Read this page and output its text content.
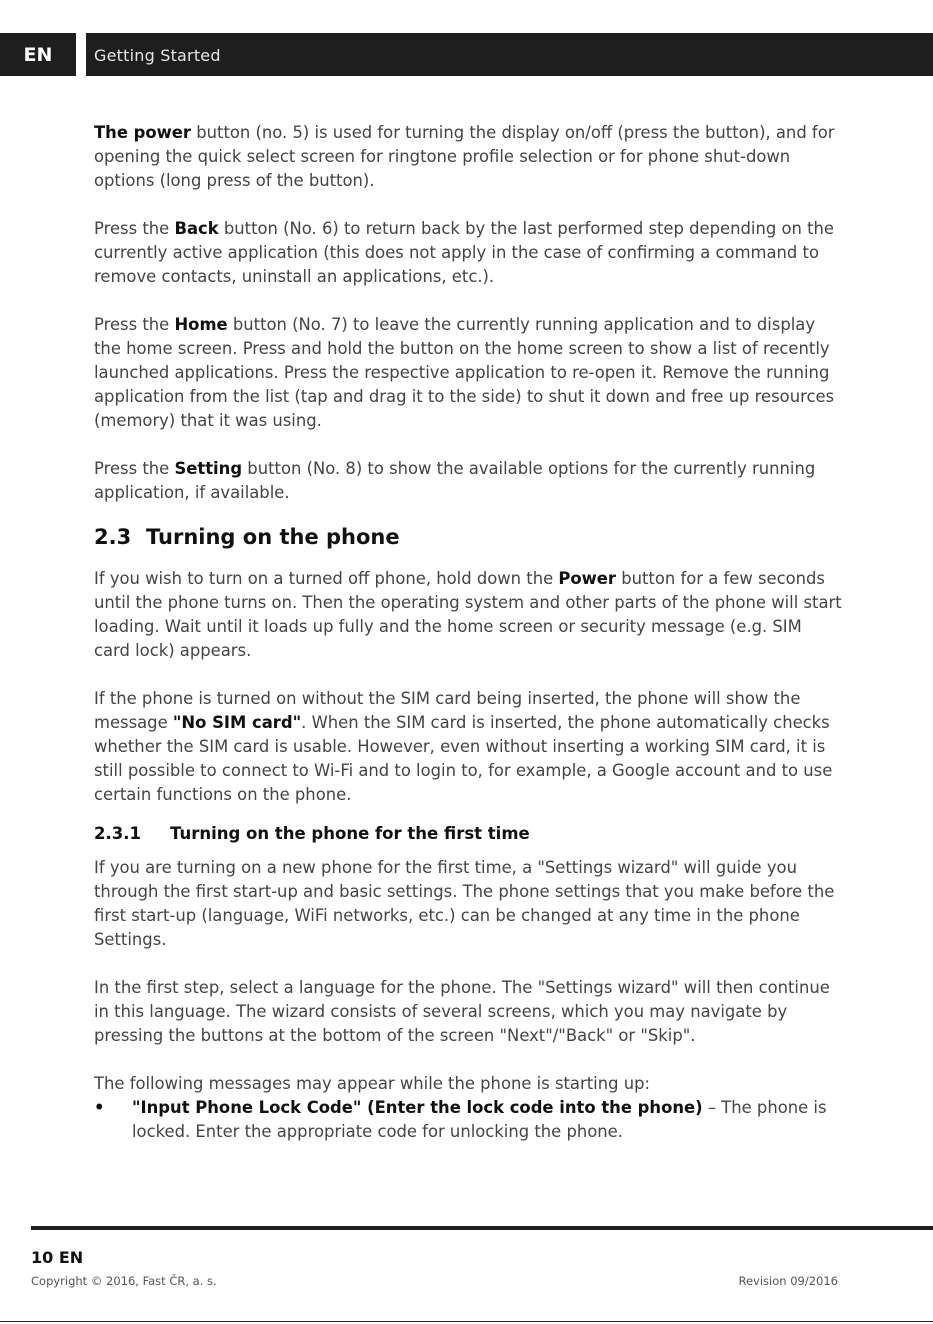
EN	Getting Started

The power button (no. 5) is used for turning the display on/off (press the button), and for opening the quick select screen for ringtone profile selection or for phone shut-down options (long press of the button).

Press the Back button (No. 6) to return back by the last performed step depending on the currently active application (this does not apply in the case of confirming a command to remove contacts, uninstall an applications, etc.).

Press the Home button (No. 7) to leave the currently running application and to display the home screen. Press and hold the button on the home screen to show a list of recently launched applications. Press the respective application to re-open it. Remove the running application from the list (tap and drag it to the side) to shut it down and free up resources (memory) that it was using.

Press the Setting button (No. 8) to show the available options for the currently running application, if available.

2.3 Turning on the phone

If you wish to turn on a turned off phone, hold down the Power button for a few seconds until the phone turns on. Then the operating system and other parts of the phone will start loading. Wait until it loads up fully and the home screen or security message (e.g. SIM card lock) appears.

If the phone is turned on without the SIM card being inserted, the phone will show the message "No SIM card". When the SIM card is inserted, the phone automatically checks whether the SIM card is usable. However, even without inserting a working SIM card, it is still possible to connect to Wi-Fi and to login to, for example, a Google account and to use certain functions on the phone.

2.3.1 Turning on the phone for the first time

If you are turning on a new phone for the first time, a "Settings wizard" will guide you through the first start-up and basic settings. The phone settings that you make before the first start-up (language, WiFi networks, etc.) can be changed at any time in the phone Settings.

In the first step, select a language for the phone. The "Settings wizard" will then continue in this language. The wizard consists of several screens, which you may navigate by pressing the buttons at the bottom of the screen "Next"/"Back" or "Skip".

The following messages may appear while the phone is starting up:

• "Input Phone Lock Code" (Enter the lock code into the phone) – The phone is locked. Enter the appropriate code for unlocking the phone.
10 EN
Copyright © 2016, Fast ČR, a. s.	Revision 09/2016
